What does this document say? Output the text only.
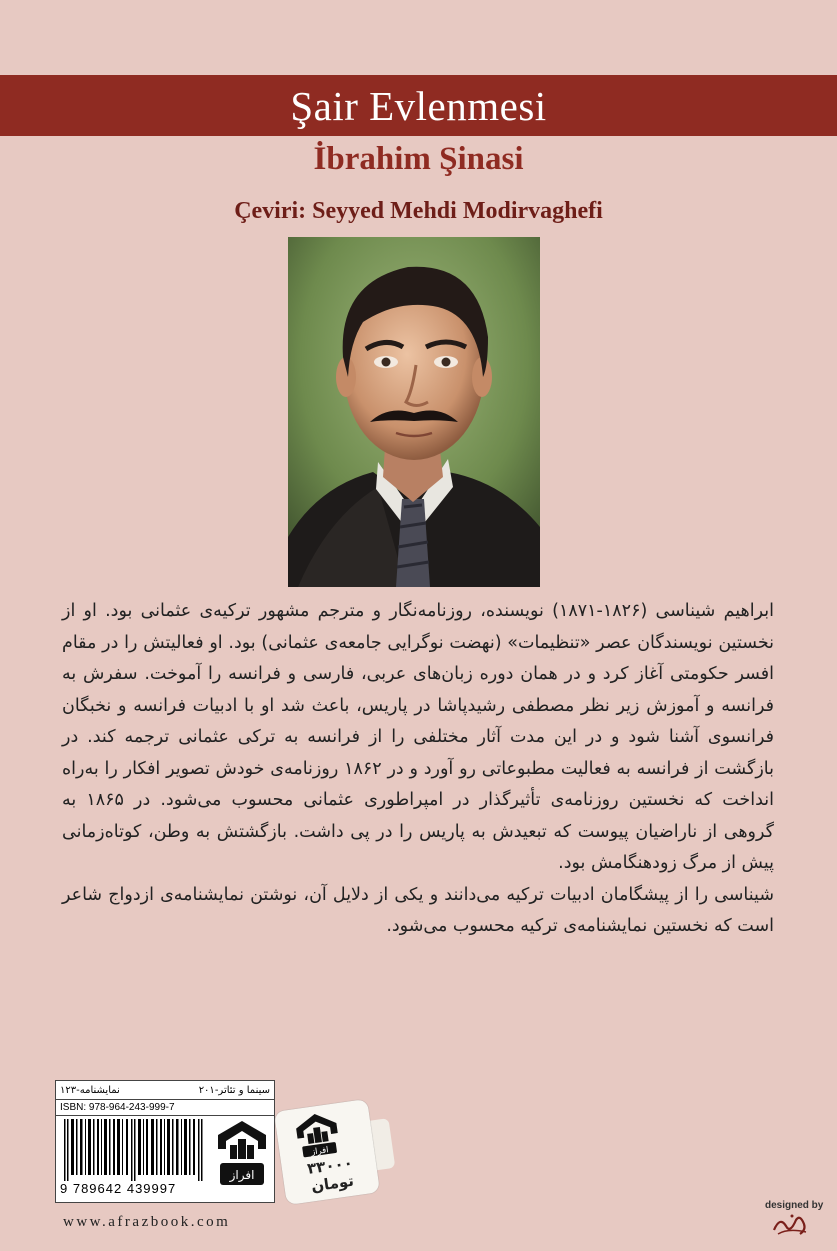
Şair Evlenmesi
İbrahim Şinasi
Çeviri: Seyyed Mehdi Modirvaghefi

ابراهیم شیناسی (۱۸۲۶-۱۸۷۱) نویسنده، روزنامه‌نگار و مترجم مشهور ترکیه‌ی عثمانی بود. او از نخستین نویسندگان عصر «تنظیمات» (نهضت نوگرایی جامعه‌ی عثمانی) بود. او فعالیتش را در مقام افسر حکومتی آغاز کرد و در همان دوره زبان‌های عربی، فارسی و فرانسه را آموخت. سفرش به فرانسه و آموزش زیر نظر مصطفی رشیدپاشا در پاریس، باعث شد او با ادبیات فرانسه و نخبگان فرانسوی آشنا شود و در این مدت آثار مختلفی را از فرانسه به ترکی عثمانی ترجمه کند. در بازگشت از فرانسه به فعالیت مطبوعاتی رو آورد و در ۱۸۶۲ روزنامه‌ی خودش تصویر افکار را به‌راه انداخت که نخستین روزنامه‌ی تأثیرگذار در امپراطوری عثمانی محسوب می‌شود. در ۱۸۶۵ به گروهی از ناراضیان پیوست که تبعیدش به پاریس را در پی داشت. بازگشتش به وطن، کوتاه‌زمانی پیش از مرگ زودهنگامش بود.

شیناسی را از پیشگامان ادبیات ترکیه می‌دانند و یکی از دلایل آن، نوشتن نمایشنامه‌ی ازدواج شاعر است که نخستین نمایشنامه‌ی ترکیه محسوب می‌شود.

سینما و تئاتر-۲۰۱
نمایشنامه-۱۲۳
ISBN: 978-964-243-999-7
9 789642 439997
افراز
افراز
۳۳۰۰۰ تومان
www.afrazbook.com
designed by
